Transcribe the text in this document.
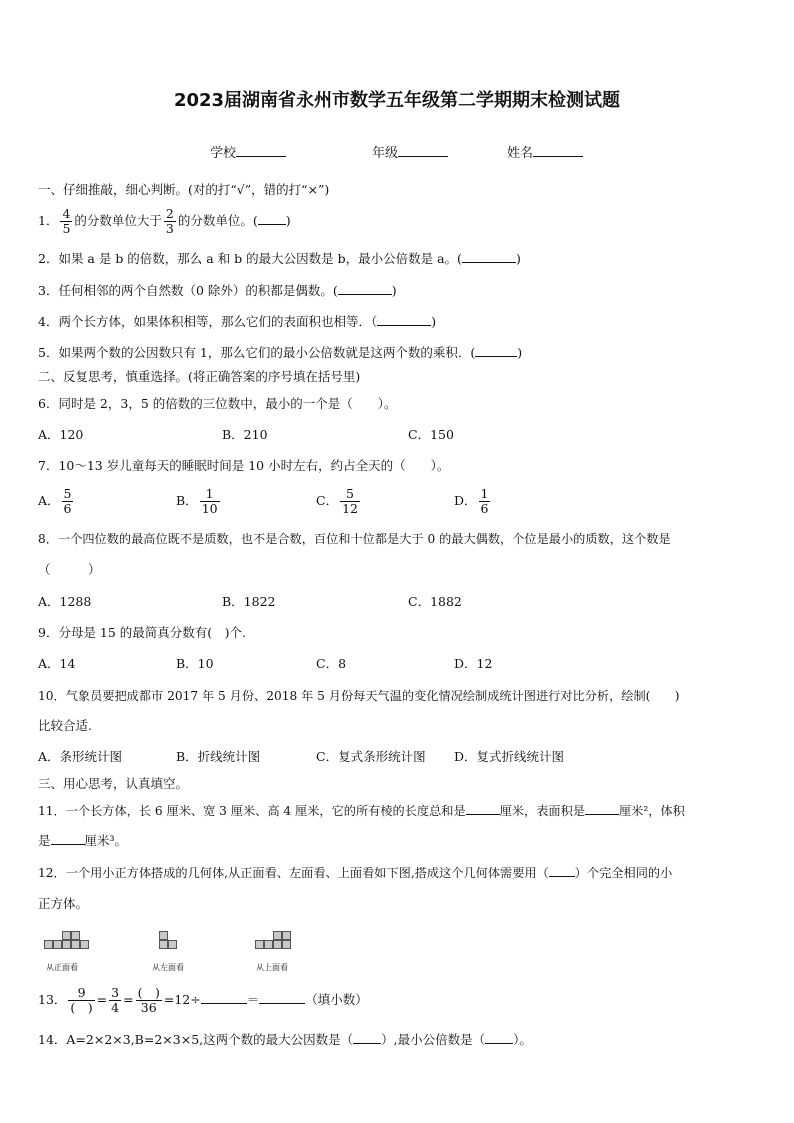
2023届湖南省永州市数学五年级第二学期期末检测试题
学校	年级	姓名
一、仔细推敲，细心判断。(对的打“√”，错的打“×”)
1． $\frac{4}{5}$ 的分数单位大于 $\frac{2}{3}$ 的分数单位。( )
2．如果 a 是 b 的倍数，那么 a 和 b 的最大公因数是 b，最小公倍数是 a。(	)
3．任何相邻的两个自然数（0 除外）的积都是偶数。(	)
4．两个长方体，如果体积相等，那么它们的表面积也相等．（	)
5．如果两个数的公因数只有 1，那么它们的最小公倍数就是这两个数的乘积．(	)
二、反复思考，慎重选择。(将正确答案的序号填在括号里)
6．同时是 2，3，5 的倍数的三位数中，最小的一个是（　　）。
A．120	B．210	C．150
7．10～13 岁儿童每天的睡眠时间是 10 小时左右，约占全天的（　　）。
A． $\frac{5}{6}$	B． $\frac{1}{10}$	C． $\frac{5}{12}$	D． $\frac{1}{6}$
8．一个四位数的最高位既不是质数，也不是合数，百位和十位都是大于 0 的最大偶数，个位是最小的质数，这个数是
（　　　）
A．1288	B．1822	C．1882
9．分母是 15 的最简真分数有(　)个.
A．14	B．10	C．8	D．12
10．气象员要把成都市 2017 年 5 月份、2018 年 5 月份每天气温的变化情况绘制成统计图进行对比分析，绘制(　　)
比较合适.
A．条形统计图	B．折线统计图	C．复式条形统计图 D．复式折线统计图
三、用心思考，认真填空。
11．一个长方体，长 6 厘米、宽 3 厘米、高 4 厘米，它的所有棱的长度总和是	厘米，表面积是	厘米²，体积
是	厘米³。
12．一个用小正方体搭成的几何体,从正面看、左面看、上面看如下图,搭成这个几何体需要用（ ）个完全相同的小
正方体。
从正面看	从左面看	从上面看
13． $\frac{9}{( )} = \frac{3}{4} = \frac{( )}{36} =12\div$	＝	（填小数）
14．A=2×2×3,B=2×3×5,这两个数的最大公因数是（ ）,最小公倍数是（ ）。
